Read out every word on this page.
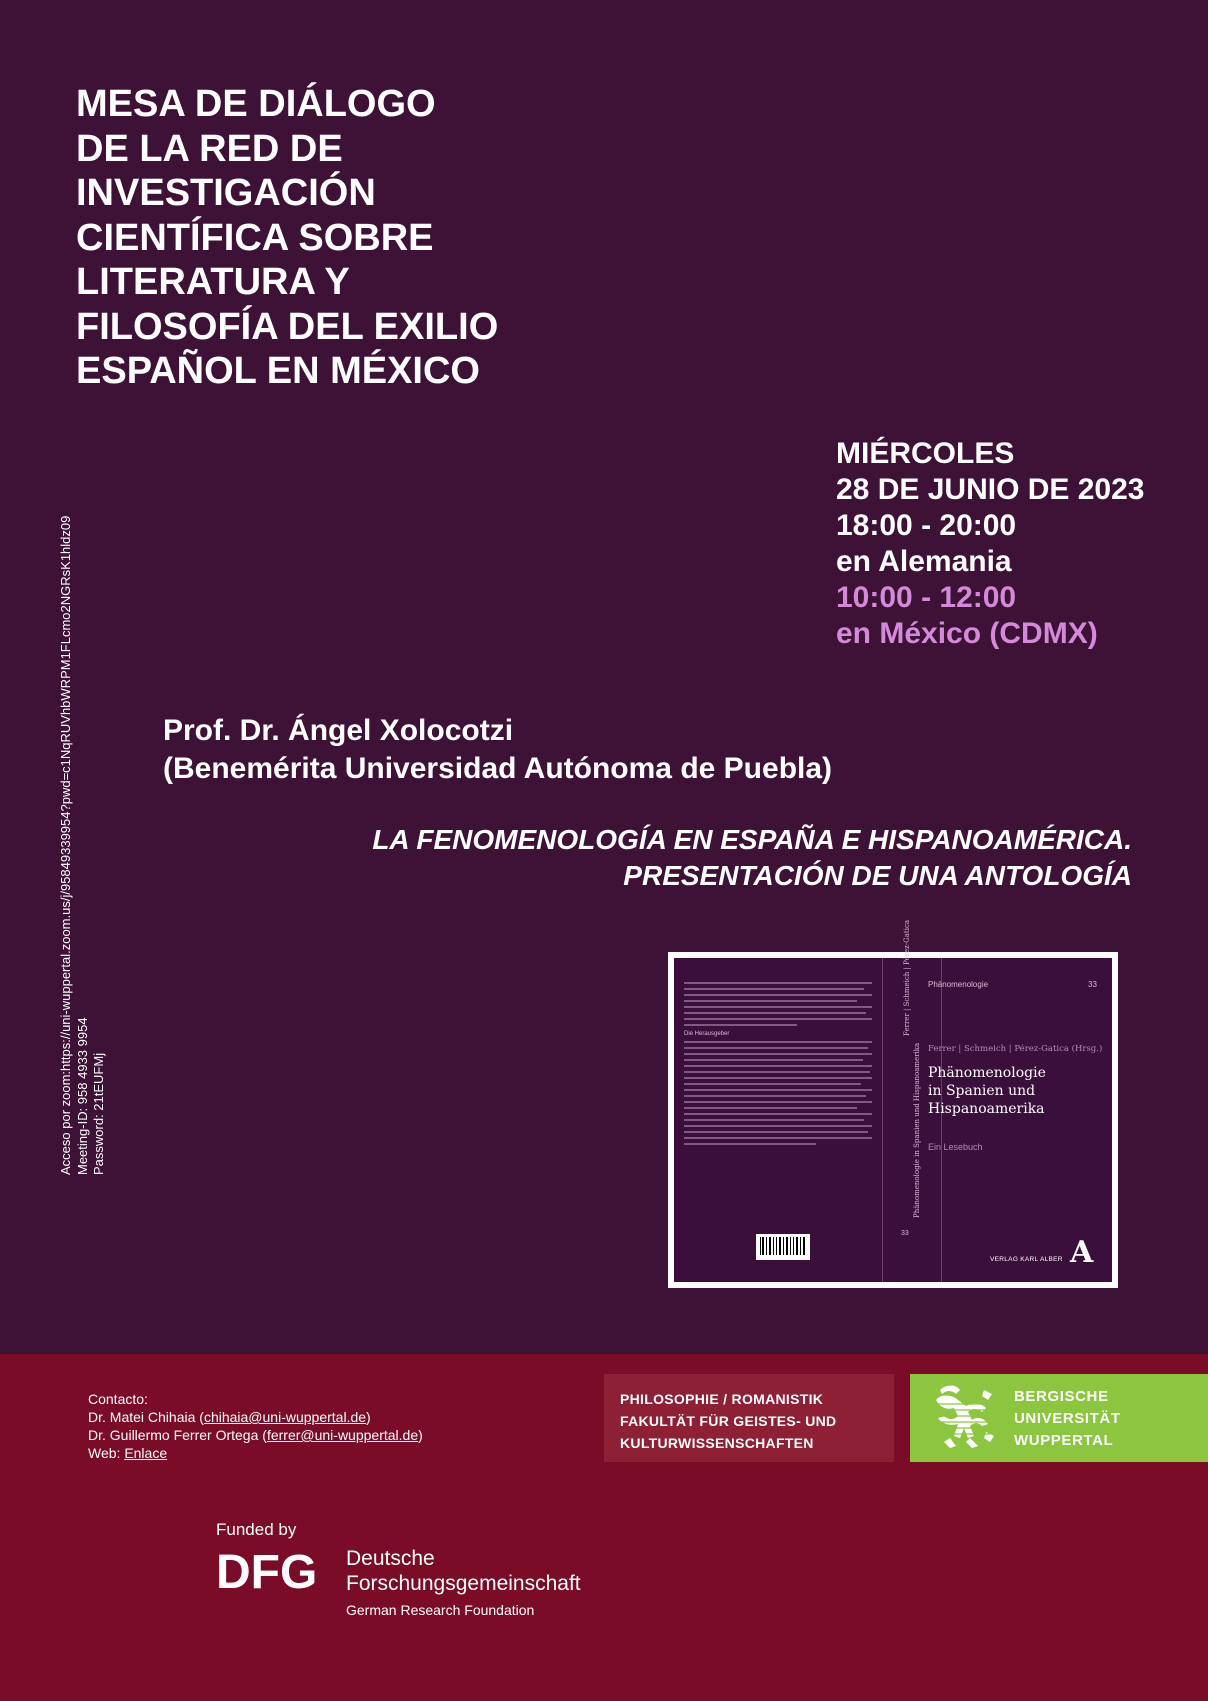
MESA DE DIÁLOGO
DE LA RED DE
INVESTIGACIÓN
CIENTÍFICA SOBRE
LITERATURA Y
FILOSOFÍA DEL EXILIO
ESPAÑOL EN MÉXICO
MIÉRCOLES
28 DE JUNIO DE 2023
18:00 - 20:00
en Alemania
10:00 - 12:00
en México (CDMX)
Prof. Dr. Ángel Xolocotzi
(Benemérita Universidad Autónoma de Puebla)
LA FENOMENOLOGÍA EN ESPAÑA E HISPANOAMÉRICA.
PRESENTACIÓN DE UNA ANTOLOGÍA
Acceso por zoom:https://uni-wuppertal.zoom.us/j/95849339954?pwd=c1NqRUVhbWRPM1FLcmo2NGRsK1hldz09 Meeting-ID: 958 4933 9954 Password: 21tEUFMj
Die Herausgeber	Ferrer | Schmeich | Pérez-Gatica
Phänomenologie in Spanien und Hispanoamerika
33
Phänomenologie	33
Ferrer | Schmeich | Pérez-Gatica (Hrsg.)
Phänomenologie
in Spanien und
Hispanoamerika
Ein Lesebuch
VERLAG KARL ALBER A
Contacto:
Dr. Matei Chihaia (chihaia@uni-wuppertal.de)
Dr. Guillermo Ferrer Ortega (ferrer@uni-wuppertal.de)
Web: Enlace
PHILOSOPHIE / ROMANISTIK
FAKULTÄT FÜR GEISTES- UND
KULTURWISSENSCHAFTEN
BERGISCHE
UNIVERSITÄT
WUPPERTAL
Funded by
DFG Deutsche
Forschungsgemeinschaft
German Research Foundation
